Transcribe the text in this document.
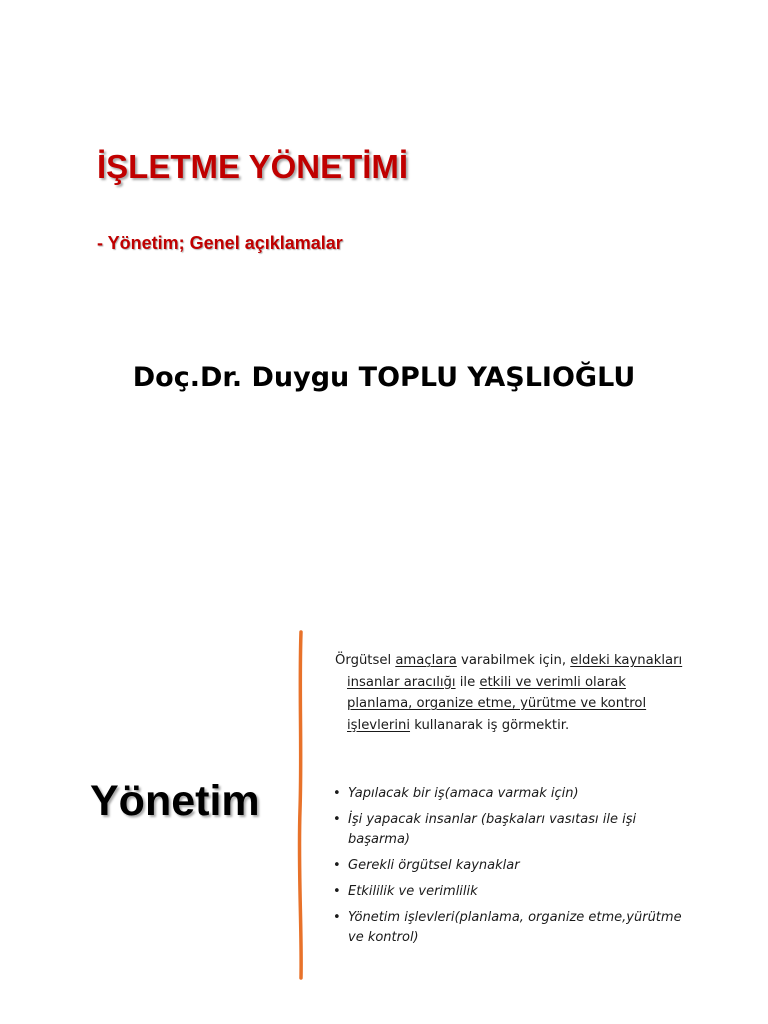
İŞLETME YÖNETİMİ
- Yönetim; Genel açıklamalar
Doç.Dr. Duygu TOPLU YAŞLIOĞLU
Yönetim

Örgütsel amaçlara varabilmek için, eldeki kaynakları insanlar aracılığı ile etkili ve verimli olarak planlama, organize etme, yürütme ve kontrol işlevlerini kullanarak iş görmektir.

• Yapılacak bir iş(amaca varmak için)
• İşi yapacak insanlar (başkaları vasıtası ile işi başarma)
• Gerekli örgütsel kaynaklar
• Etkililik ve verimlilik
• Yönetim işlevleri(planlama, organize etme,yürütme ve kontrol)
